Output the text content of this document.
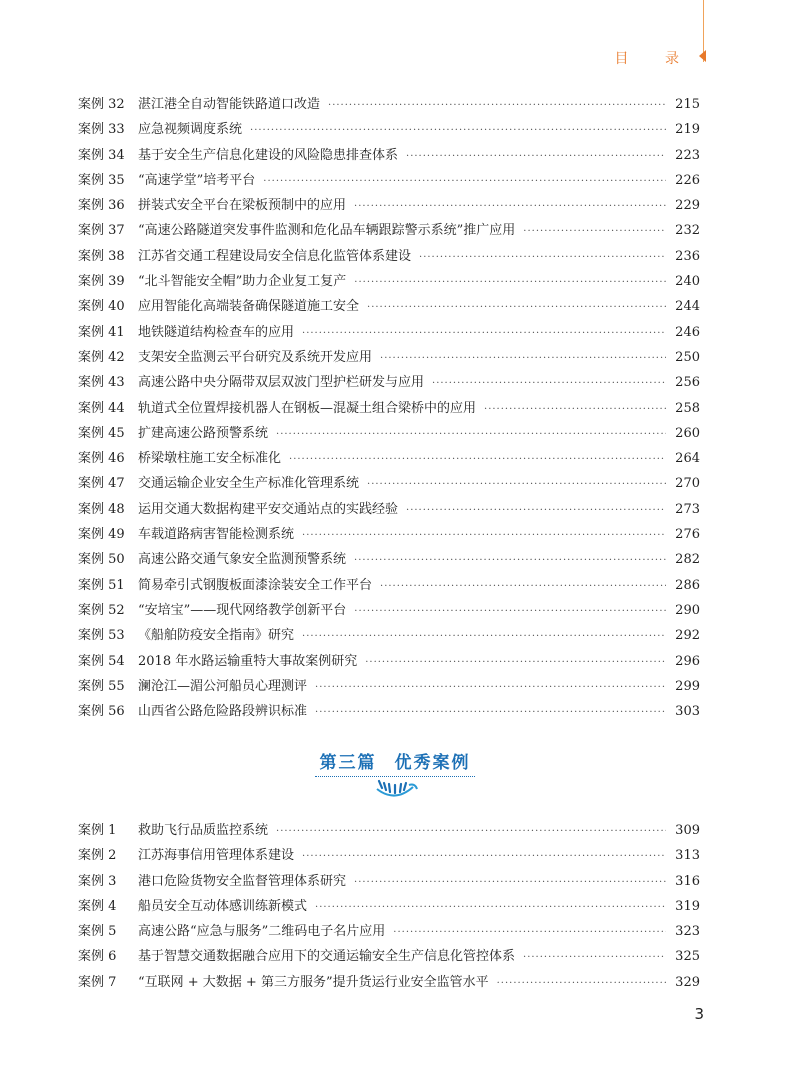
目 录
案例 32	湛江港全自动智能铁路道口改造 ·····	215
案例 33	应急视频调度系统 ·····	219
案例 34	基于安全生产信息化建设的风险隐患排查体系 ·····	223
案例 35	“高速学堂”培考平台 ·····	226
案例 36	拼装式安全平台在梁板预制中的应用 ·····	229
案例 37	“高速公路隧道突发事件监测和危化品车辆跟踪警示系统”推广应用 ·····	232
案例 38	江苏省交通工程建设局安全信息化监管体系建设 ·····	236
案例 39	“北斗智能安全帽”助力企业复工复产 ·····	240
案例 40	应用智能化高端装备确保隧道施工安全 ·····	244
案例 41	地铁隧道结构检查车的应用 ·····	246
案例 42	支架安全监测云平台研究及系统开发应用 ·····	250
案例 43	高速公路中央分隔带双层双波门型护栏研发与应用 ·····	256
案例 44	轨道式全位置焊接机器人在钢板—混凝土组合梁桥中的应用 ·····	258
案例 45	扩建高速公路预警系统 ·····	260
案例 46	桥梁墩柱施工安全标准化 ·····	264
案例 47	交通运输企业安全生产标准化管理系统 ·····	270
案例 48	运用交通大数据构建平安交通站点的实践经验 ·····	273
案例 49	车载道路病害智能检测系统 ·····	276
案例 50	高速公路交通气象安全监测预警系统 ·····	282
案例 51	简易牵引式钢腹板面漆涂装安全工作平台 ·····	286
案例 52	“安培宝”——现代网络教学创新平台 ·····	290
案例 53	《船舶防疫安全指南》研究 ·····	292
案例 54	2018 年水路运输重特大事故案例研究 ·····	296
案例 55	澜沧江—湄公河船员心理测评 ·····	299
案例 56	山西省公路危险路段辨识标准 ·····	303
第三篇 优秀案例
案例 1	救助飞行品质监控系统 ·····	309
案例 2	江苏海事信用管理体系建设 ·····	313
案例 3	港口危险货物安全监督管理体系研究 ·····	316
案例 4	船员安全互动体感训练新模式 ·····	319
案例 5	高速公路“应急与服务”二维码电子名片应用 ·····	323
案例 6	基于智慧交通数据融合应用下的交通运输安全生产信息化管控体系 ·····	325
案例 7	“互联网 + 大数据 + 第三方服务”提升货运行业安全监管水平 ·····	329
3
